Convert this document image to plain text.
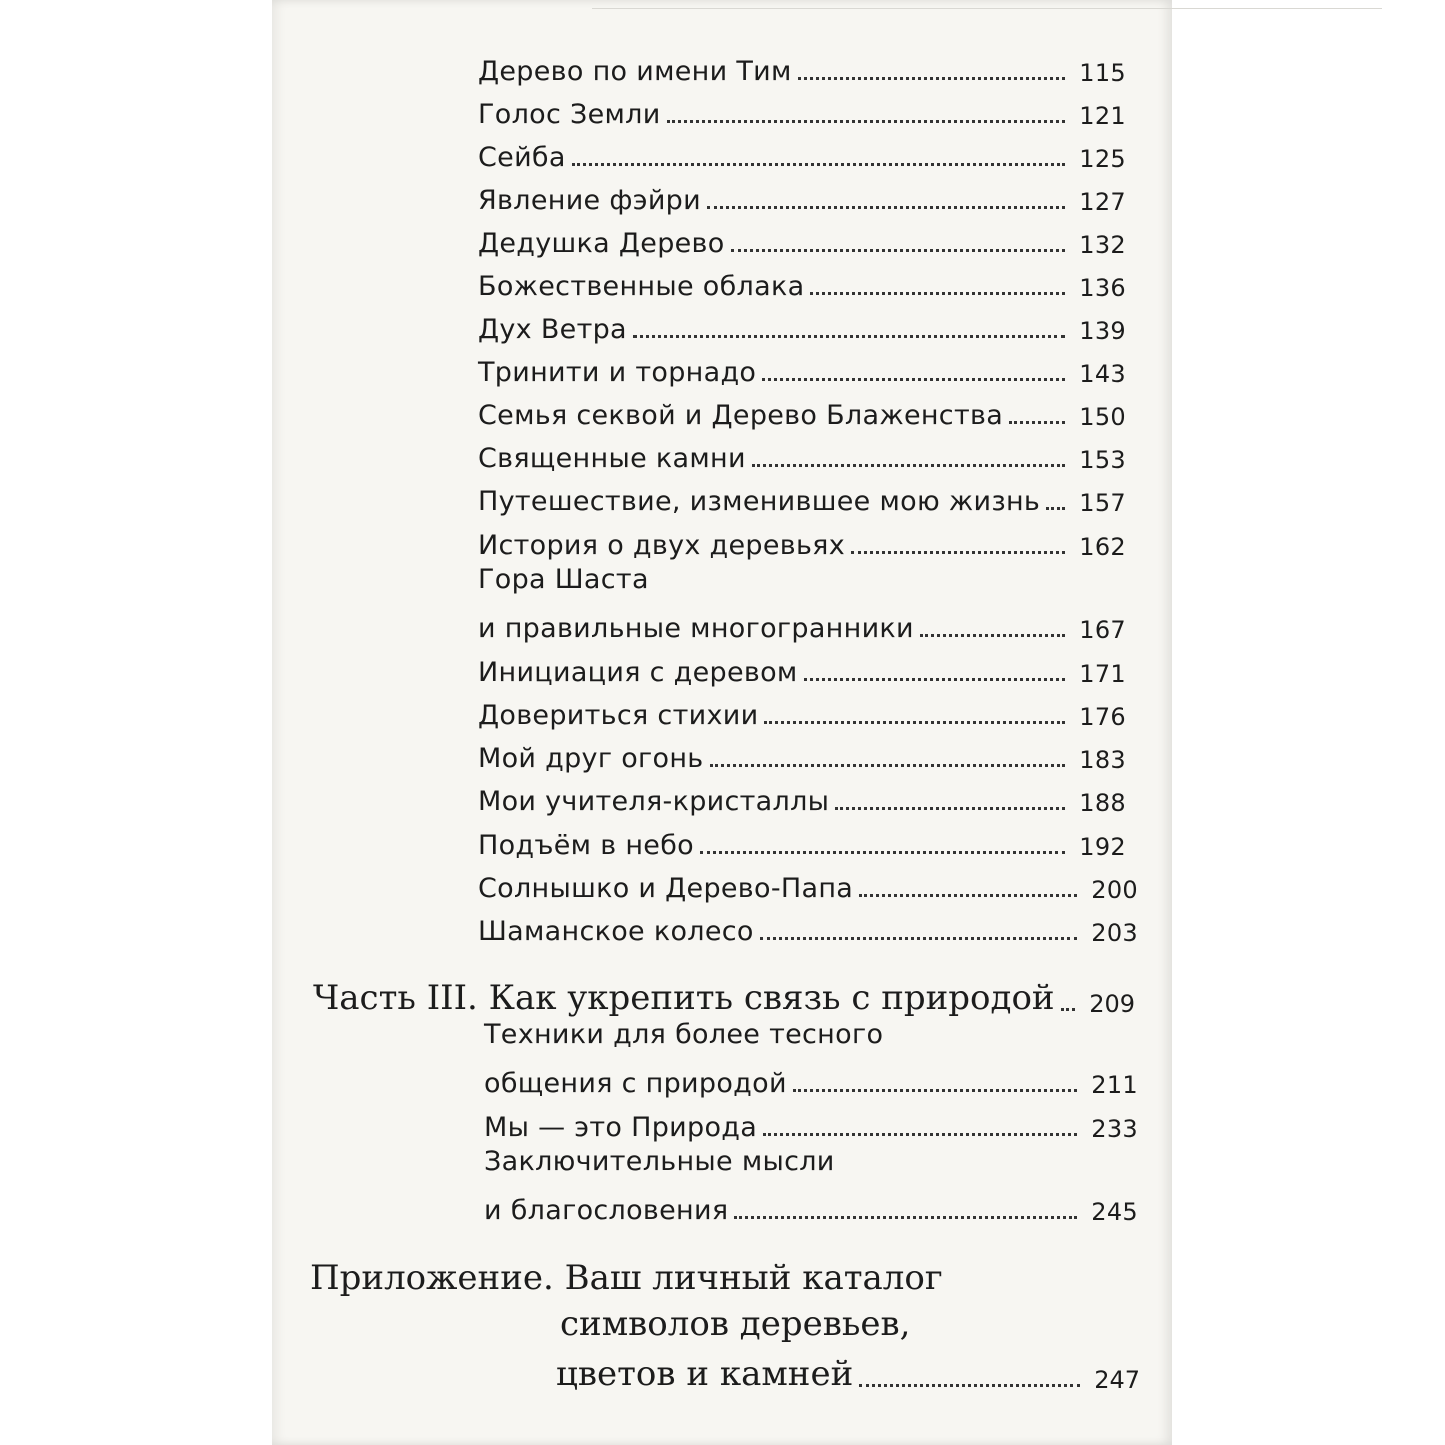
Дерево по имени Тим	115
Голос Земли	121
Сейба	125
Явление фэйри	127
Дедушка Дерево	132
Божественные облака	136
Дух Ветра	139
Тринити и торнадо	143
Семья секвой и Дерево Блаженства	150
Священные камни	153
Путешествие, изменившее мою жизнь 157
История о двух деревьях	162
Гора Шаста
и правильные многогранники	167
Инициация с деревом	171
Довериться стихии	176
Мой друг огонь	183
Мои учителя-кристаллы	188
Подъём в небо	192
Солнышко и Дерево-Папа	200
Шаманское колесо	203
Часть III. Как укрепить связь с природой 209
Техники для более тесного
общения с природой	211
Мы — это Природа	233
Заключительные мысли
и благословения	245
Приложение. Ваш личный каталог
символов деревьев,
цветов и камней	247
